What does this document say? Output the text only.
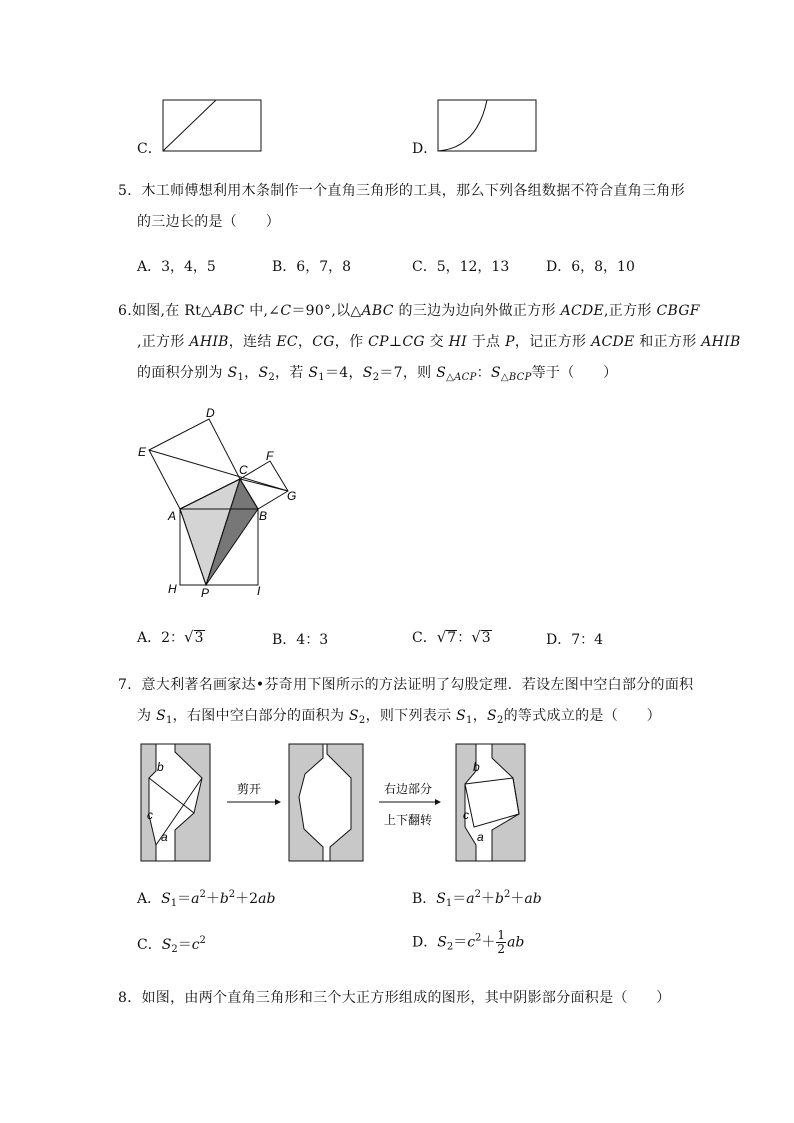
C．	D．
5．木工师傅想利用木条制作一个直角三角形的工具，那么下列各组数据不符合直角三角形
的三边长的是（　　）
A．3，4，5	B．6，7，8	C．5，12，13	D．6，8，10
6.如图,在 Rt△ABC 中,∠C＝90°,以△ABC 的三边为边向外做正方形 ACDE,正方形 CBGF
,正方形 AHIB，连结 EC，CG，作 CP⊥CG 交 HI 于点 P，记正方形 ACDE 和正方形 AHIB
的面积分别为 $S_1$，$S_2$，若 $S_1=4$，$S_2=7$，则 $S_{\triangle ACP}$：$S_{\triangle BCP}$等于（　　）
D
E
C
F
G
A	B
H P	I
A．2：√3	B．4：3	C．√7：√3	D．7：4
7．意大利著名画家达•芬奇用下图所示的方法证明了勾股定理．若设左图中空白部分的面积
为 $S_1$，右图中空白部分的面积为 $S_2$，则下列表示 $S_1$，$S_2$的等式成立的是（　　）
b
c
a
剪开	右边部分
上下翻转
b
c
a
A．$S_1=a^2+b^2+2ab$	B．$S_1=a^2+b^2+ab$
C．$S_2=c^2$	D．$S_2=c^2+ \frac{1}{2}$ ab
8．如图，由两个直角三角形和三个大正方形组成的图形，其中阴影部分面积是（　　）
